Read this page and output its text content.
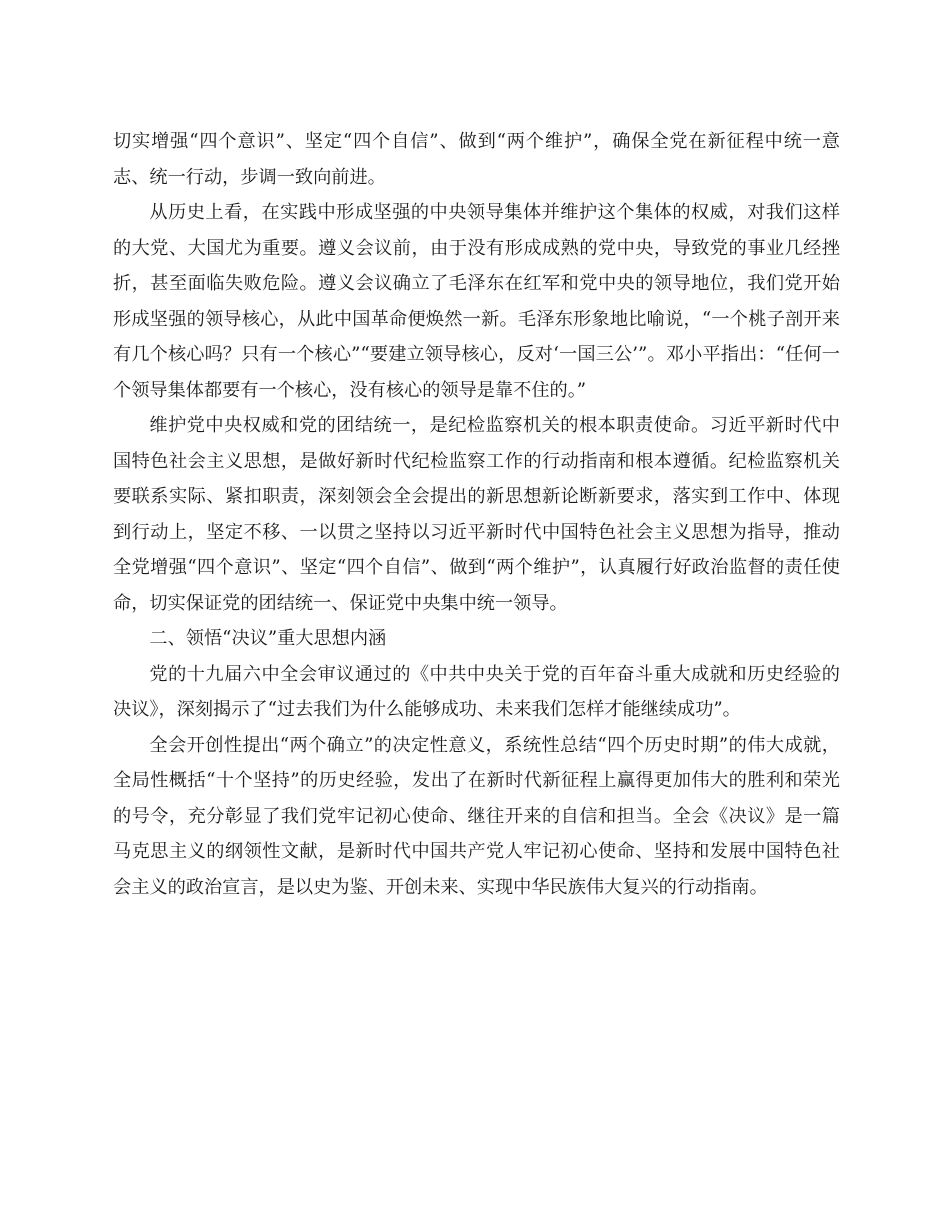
切实增强“四个意识”、坚定“四个自信”、做到“两个维护”，确保全党在新征程中统一意志、统一行动，步调一致向前进。

从历史上看，在实践中形成坚强的中央领导集体并维护这个集体的权威，对我们这样的大党、大国尤为重要。遵义会议前，由于没有形成成熟的党中央，导致党的事业几经挫折，甚至面临失败危险。遵义会议确立了毛泽东在红军和党中央的领导地位，我们党开始形成坚强的领导核心，从此中国革命便焕然一新。毛泽东形象地比喻说，“一个桃子剖开来有几个核心吗？只有一个核心”“要建立领导核心，反对‘一国三公’”。邓小平指出：“任何一个领导集体都要有一个核心，没有核心的领导是靠不住的。”

维护党中央权威和党的团结统一，是纪检监察机关的根本职责使命。习近平新时代中国特色社会主义思想，是做好新时代纪检监察工作的行动指南和根本遵循。纪检监察机关要联系实际、紧扣职责，深刻领会全会提出的新思想新论断新要求，落实到工作中、体现到行动上，坚定不移、一以贯之坚持以习近平新时代中国特色社会主义思想为指导，推动全党增强“四个意识”、坚定“四个自信”、做到“两个维护”，认真履行好政治监督的责任使命，切实保证党的团结统一、保证党中央集中统一领导。

二、领悟“决议”重大思想内涵

党的十九届六中全会审议通过的《中共中央关于党的百年奋斗重大成就和历史经验的决议》，深刻揭示了“过去我们为什么能够成功、未来我们怎样才能继续成功”。

全会开创性提出“两个确立”的决定性意义，系统性总结“四个历史时期”的伟大成就，全局性概括“十个坚持”的历史经验，发出了在新时代新征程上赢得更加伟大的胜利和荣光的号令，充分彰显了我们党牢记初心使命、继往开来的自信和担当。全会《决议》是一篇马克思主义的纲领性文献，是新时代中国共产党人牢记初心使命、坚持和发展中国特色社会主义的政治宣言，是以史为鉴、开创未来、实现中华民族伟大复兴的行动指南。
